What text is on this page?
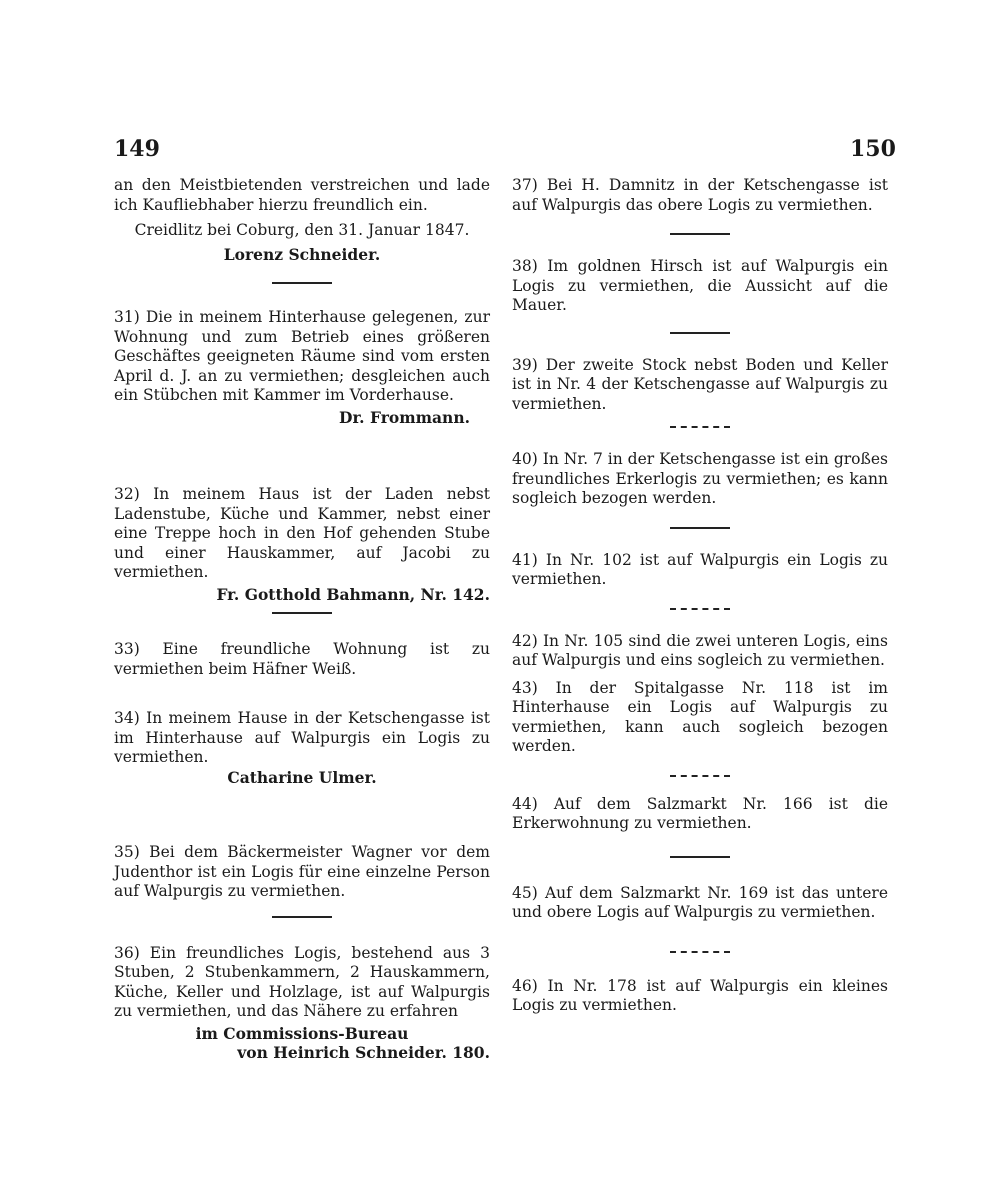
149	150

an den Meistbietenden verstreichen und lade ich Kaufliebhaber hierzu freundlich ein.

Creidlitz bei Coburg, den 31. Januar 1847.

Lorenz Schneider.

31) Die in meinem Hinterhause gelegenen, zur Wohnung und zum Betrieb eines größeren Geschäftes geeigneten Räume sind vom ersten April d. J. an zu vermiethen; desgleichen auch ein Stübchen mit Kammer im Vorderhause.

Dr. Frommann.

32) In meinem Haus ist der Laden nebst Ladenstube, Küche und Kammer, nebst einer eine Treppe hoch in den Hof gehenden Stube und einer Hauskammer, auf Jacobi zu vermiethen.

Fr. Gotthold Bahmann, Nr. 142.

33) Eine freundliche Wohnung ist zu vermiethen beim Häfner Weiß.

34) In meinem Hause in der Ketschengasse ist im Hinterhause auf Walpurgis ein Logis zu vermiethen.

Catharine Ulmer.

35) Bei dem Bäckermeister Wagner vor dem Judenthor ist ein Logis für eine einzelne Person auf Walpurgis zu vermiethen.

36) Ein freundliches Logis, bestehend aus 3 Stuben, 2 Stubenkammern, 2 Hauskammern, Küche, Keller und Holzlage, ist auf Walpurgis zu vermiethen, und das Nähere zu erfahren

im Commissions-Bureau

von Heinrich Schneider. 180.

37) Bei H. Damnitz in der Ketschengasse ist auf Walpurgis das obere Logis zu vermiethen.

38) Im goldnen Hirsch ist auf Walpurgis ein Logis zu vermiethen, die Aussicht auf die Mauer.

39) Der zweite Stock nebst Boden und Keller ist in Nr. 4 der Ketschengasse auf Walpurgis zu vermiethen.

40) In Nr. 7 in der Ketschengasse ist ein großes freundliches Erkerlogis zu vermiethen; es kann sogleich bezogen werden.

41) In Nr. 102 ist auf Walpurgis ein Logis zu vermiethen.

42) In Nr. 105 sind die zwei unteren Logis, eins auf Walpurgis und eins sogleich zu vermiethen.

43) In der Spitalgasse Nr. 118 ist im Hinterhause ein Logis auf Walpurgis zu vermiethen, kann auch sogleich bezogen werden.

44) Auf dem Salzmarkt Nr. 166 ist die Erkerwohnung zu vermiethen.

45) Auf dem Salzmarkt Nr. 169 ist das untere und obere Logis auf Walpurgis zu vermiethen.

46) In Nr. 178 ist auf Walpurgis ein kleines Logis zu vermiethen.
